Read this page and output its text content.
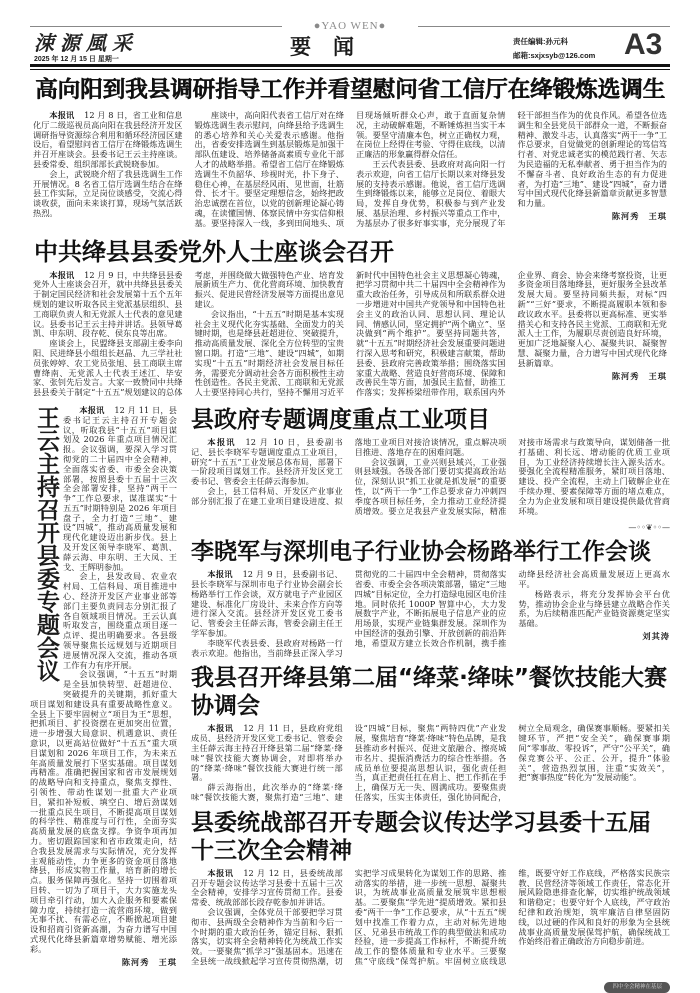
●YAO WEN●
涑源風采
2025 年 12 月 15 日 星期一
要闻	责任编辑:孙元科
邮箱:sxjxsyb@126.com A3
高向阳到我县调研指导工作并看望慰问省工信厅在绛锻炼选调生

本报讯 12 月 8 日，省工业和信息化厅二级巡视员高向阳在我县经济开发区调研指导资源综合利用和循环经济园区建设后，看望慰问省工信厅在绛锻炼选调生并召开座谈会。县委书记王云主持座谈。县委常委、组织部部长武锐晓参加。

会上，武锐晓介绍了我县选调生工作开展情况。8 名省工信厅选调生结合在绛县工作实际，立足岗位谈感受，交流心得谈收获，面向未来谈打算，现场气氛活跃热烈。

座谈中，高向阳代表省工信厅对在绛锻炼选调生表示慰问，向绛县给予选调生的悉心培养和关心关爱表示感谢。他指出，省委安排选调生到基层锻炼是加强干部队伍建设、培养储备高素质专业化干部人才的战略举措。希望省工信厅在绛锻炼选调生不负韶华、珍视时光，扑下身子、稳住心神，在基层经风雨、见世面，壮筋骨、长才干。要坚定理想信念，始终把政治忠诚摆在首位，以党的创新理论凝心铸魂，在读懂国情、体察民情中夯实信仰根基。要坚持深入一线，多到田间地头、项目现场倾听群众心声，敢于直面复杂情况，主动破解难题，不断锤炼担当实干本领。要坚守清廉本色，树立正确权力观，在岗位上经得住考验、守得住底线，以清正廉洁的形象赢得群众信任。

王云代表县委、县政府对高向阳一行表示欢迎，向省工信厅长期以来对绛县发展的支持表示感谢。他说，省工信厅选调生到绛锻炼以来，能够立足岗位、着眼大局，发挥自身优势，积极参与到产业发展、基层治理、乡村振兴等重点工作中，为基层办了很多好事实事，充分展现了年轻干部担当作为的优良作风。希望各位选调生和全县党员干部群众一道，不断振奋精神、激发斗志，认真落实“两干一争”工作总要求，自觉做党的创新理论的笃信笃行者、对党忠诚老实的模范践行者、矢志为民造福的无私奉献者、勇于担当作为的不懈奋斗者、良好政治生态的有力促进者，为打造“三地”、建设“四城”，奋力谱写中国式现代化绛县新篇章贡献更多智慧和力量。

陈河秀　王琪
中共绛县县委党外人士座谈会召开

本报讯 12 月 9 日，中共绛县县委党外人士座谈会召开，就中共绛县县委关于制定国民经济和社会发展第十五个五年规划的建议听取各民主党派基层组织、县工商联负责人和无党派人士代表的意见建议。县委书记王云主持并讲话。县领导葛凯、申东明、段存乾、侯东良等出席。

座谈会上，民盟绛县支部副主委李向阳、民进绛县小组组长赵晶、九三学社社员张婷婷、农工党员张旭、县工商联主席曹绛南、无党派人士代表王述江、毕安家、张钊先后发言。大家一致赞同中共绛县县委关于制定“十五五”规划建议的总体考虑，并围绕做大做强特色产业、培育发展新质生产力、优化营商环境、加快教育振兴、促进民营经济发展等方面提出意见建议。

会议指出，“十五五”时期是基本实现社会主义现代化夯实基础、全面发力的关键时期，也是绛县赶超进位、突破提升，推动高质量发展、深化全方位转型的宝贵窗口期。打造“三地”、建设“四城”，如期实现“十五五”时期经济社会发展目标任务，需要充分调动社会各方面积极性主动性创造性。各民主党派、工商联和无党派人士要坚持同心共行，坚持不懈用习近平新时代中国特色社会主义思想凝心铸魂，把学习贯彻中共二十届四中全会精神作为重大政治任务，引导成员和所联系群众进一步增进对中国共产党领导和中国特色社会主义的政治认同、思想认同、理论认同、情感认同，坚定拥护“两个确立”、坚决做到“两个维护”。要坚持同题共答，就“十五五”时期经济社会发展重要问题进行深入思考和研究，积极建言献策，帮助县委、县政府完善政策举措；围绕落实国家重大战略、营造良好营商环境、保障和改善民生等方面，加强民主监督，助推工作落实；发挥桥梁纽带作用，联系国内外企业界、商会、协会来绛考察投资，让更多资金项目落地绛县，更好服务全县改革发展大局。要坚持同频共振，对标“四新”“三好”要求，不断提高履职本领和参政议政水平。县委将以更高标准、更实举措关心和支持各民主党派、工商联和无党派人士工作，为履职尽责创造良好环境，更加广泛地凝聚人心、凝聚共识、凝聚智慧、凝聚力量，合力谱写中国式现代化绛县新篇章。

陈河秀　王琪
王云主持召开县委专题会议	本报讯 12 月 11 日，县委书记王云主持召开专题会议，听取我县“十五五”项目谋划及 2026 年重点项目情况汇报。会议强调，要深入学习贯彻党的二十届四中全会精神，全面落实省委、市委全会决策部署，按照县委十五届十三次全会部署安排，坚持“两干一争”工作总要求，谋准谋实“十五五”时期特别是 2026 年项目盘子，全力打造“三地”、建设“四城”，推动高质量发展和现代化建设迈出新步伐。县上及开发区领导李晓军、葛凯、薛云海、申东明、王大凤、王戈、王辉明参加。

会上，县发改局、农业农村局、工信科局、项目推进中心、经济开发区产业事业部等部门主要负责同志分别汇报了各自领域项目情况。王云认真听取发言，围绕重点项目逐一点评、提出明确要求。各县级领导聚焦长远规划与近期项目进展情况深入交流，推动各项工作有力有序开展。

会议强调，“十五五”时期是全县加快转型、赶超进位、突破提升的关键期，抓好重大项目谋划和建设具有重要战略性意义。全县上下要牢固树立“项目为王”思想，把抓项目、扩投资摆在更加突出位置，进一步增强大局意识、机遇意识、责任意识，以更高站位做好“十五五”重大项目谋划和 2026 年项目工作，为未来五年高质量发展打下坚实基础。项目谋划再精准。准确把握国家和省市发展规划的战略导向和支持重点，聚焦支撑性、引领性、带动性谋划一批重大产业项目，紧扣补短板、填空白、增后劲谋划一批重点民生项目，不断提高项目谋划的科学性、精准度与可行性，全面夯实高质量发展的底盘支撑。争资争项再加力。密切跟踪国家和省市政策走向，结合我县发展需求与实际情况，充分发挥主观能动性，力争更多的资金项目落地绛县，形成实物工作量，培育新的增长点。服务保障再强化。坚持一切围着项目转、一切为了项目干，大力实施龙头项目牵引行动，加大入企服务和要素保障力度，持续打造一流营商环境，做到无事不扰、有需必应，不断掀起项目建设和招商引资新高潮，为奋力谱写中国式现代化绛县新篇章增势赋能、增光添彩。

陈河秀　王琪
县政府专题调度重点工业项目

本报讯 12 月 10 日，县委副书记、县长李晓军专题调度重点工业项目，研究“十五五”工业发展总体布局，部署下一阶段项目谋划工作。县经济开发区党工委书记、管委会主任薛云海参加。

会上，县工信科局、开发区产业事业部分别汇报了在建工业项目建设进度、拟落地工业项目对接洽谈情况，重点解决项目推进、落地存在的困难问题。

会议强调，工业兴则县域兴，工业强则县域强。各级各部门要切实提高政治站位，深刻认识“抓工业就是抓发展”的重要性，以“两干一争”工作总要求奋力冲刺四季度各项目标任务，全力推动工业经济提质增效。要立足我县产业发展实际，精准对接市场需求与政策导向，谋划储备一批打基础、利长远、增动能的优质工业项目，为工业经济持续增长注入源头活水。要强化全流程精准服务，紧盯项目落地、建设、投产全流程，主动上门破解企业在手续办理、要素保障等方面的堵点难点，全力为企业发展和项目建设提供最优营商环境。

—◦◦❦◦◦—
李晓军与深圳电子行业协会杨路举行工作会谈

本报讯 12 月 9 日，县委副书记、县长李晓军与深圳市电子行业协会副会长杨路举行工作会谈，双方就电子产业园区建设、标准化厂房设计、未来合作方向等进行深入交流。县经济开发区党工委书记、管委会主任薛云海，管委会副主任王学军参加。

李晓军代表县委、县政府对杨路一行表示欢迎。他指出，当前绛县正深入学习贯彻党的二十届四中全会精神，贯彻落实省委、市委全会各项决策部署，锚定“三地四城”目标定位，全力打造绿电园区电价洼地。同时依托 1000P 智算中心，大力发展数字产业，不断拓展电子信息产业的应用场景，实现产业链集群发展。深圳作为中国经济的强劲引擎、开放创新的前沿阵地，希望双方建立长效合作机制，携手推动绛县经济社会高质量发展迈上更高水平。

杨路表示，将充分发挥协会平台优势，推动协会企业与绛县建立战略合作关系，为后续精准匹配产业链资源奠定坚实基础。

刘其涛
我县召开绛县第二届“绛菜·绛味”餐饮技能大赛协调会

本报讯 12 月 11 日，县政府党组成员、县经济开发区党工委书记、管委会主任薛云海主持召开绛县第二届“绛菜·绛味”餐饮技能大赛协调会，对即将举办的“绛菜·绛味”餐饮技能大赛进行统一部署。

薛云海指出，此次举办的“绛菜·绛味”餐饮技能大赛，聚焦打造“三地”、建设“四城”目标，聚焦“两特四优”产业发展，聚焦培育“绛菜·绛味”特色品牌，是我县推动乡村振兴、促进文旅融合、擦亮城市名片、提振消费活力的综合性举措。各成员单位要提高思想认识，强化责任担当，真正把责任扛在肩上、把工作抓在手上，确保万无一失、圆满成功。要聚焦责任落实，压实主体责任，强化协同配合，树立全局观念，确保赛事顺畅。要紧扣关键环节，严把“安全关”，确保赛事期间“零事故、零投诉”，严守“公平关”，确保竞赛公平、公正、公开，提升“体验关”，营造热烈氛围，注重“实效关”，把“赛事热度”转化为“发展动能”。

县委统战部召开专题会议传达学习县委十五届十三次全会精神

本报讯 12 月 12 日，县委统战部召开专题会议传达学习县委十五届十三次全会精神，安排学习宣传贯彻工作。县委常委、统战部部长段存乾参加并讲话。

会议强调，全体党员干部要把学习贯彻市、县两级全会精神作为当前和今后一个时期的重大政治任务，锚定目标、狠抓落实，切实将全会精神转化为统战工作实效。一要聚焦“抓学习”强基固本。迅速在全县统一战线掀起学习宣传贯彻热潮，切实把学习成果转化为谋划工作的思路、推动落实的举措，进一步统一思想、凝聚共识，为统战事业高质量发展筑牢思想根基。二要聚焦“学先进”提质增效。紧扣县委“两干一争”工作总要求，从“十五五”规划中找准工作着力点，主动对标先进地区、兄弟县市统战工作的典型做法和成功经验，进一步提高工作标杆，不断提升统战工作的整体质量和专业水平。三要聚焦“守底线”保驾护航。牢固树立底线思维，既要守好工作底线，严格落实民族宗教、民营经济等领域工作责任，常态化开展风险隐患排查化解，切实维护统战领域和谐稳定；也要守好个人底线，严守政治纪律和政治规矩，筑牢廉洁自律坚固防线，以过硬的作风和良好的形象为全县统战事业高质量发展保驾护航，确保统战工作始终沿着正确政治方向稳步前进。

四中全会精神在基层
